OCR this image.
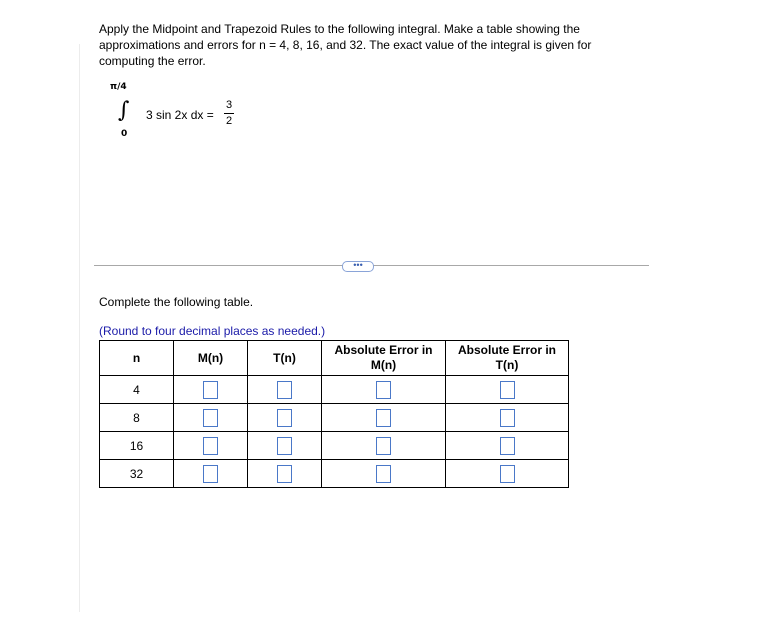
Apply the Midpoint and Trapezoid Rules to the following integral. Make a table showing the approximations and errors for n = 4, 8, 16, and 32. The exact value of the integral is given for computing the error.
π/4
∫
0
3 sin 2x dx =
3
2
•••
Complete the following table.
(Round to four decimal places as needed.)
n	M(n)	T(n)	Absolute Error in M(n)	Absolute Error in T(n)
4				
8				
16				
32				
